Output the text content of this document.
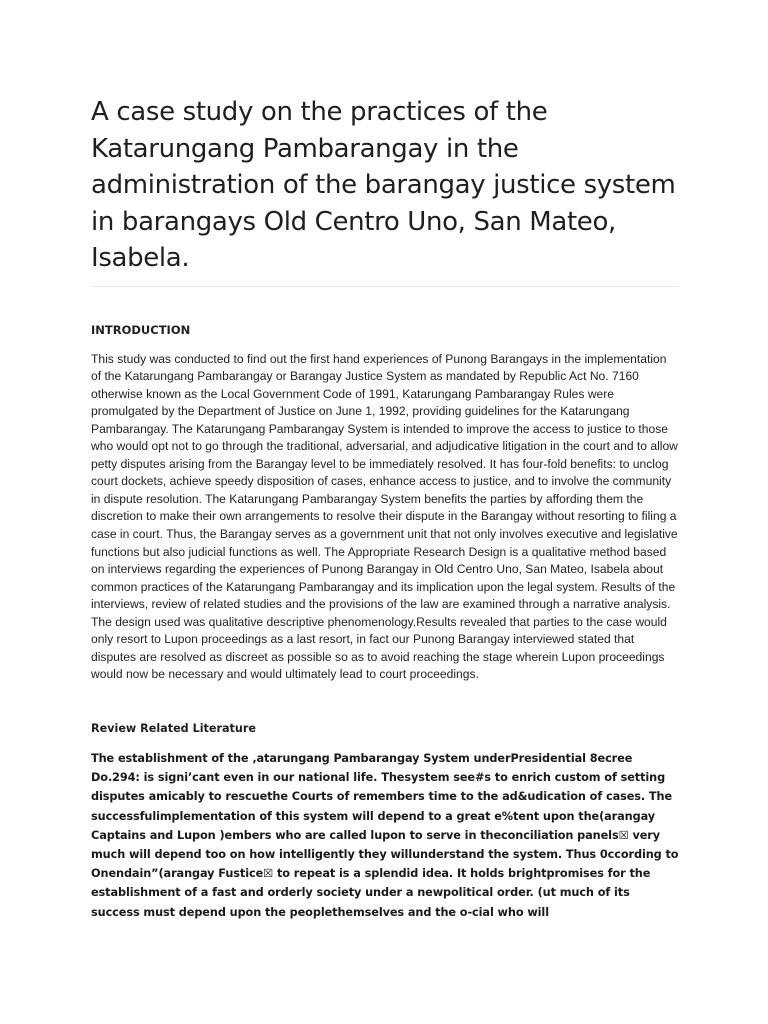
A case study on the practices of the Katarungang Pambarangay in the administration of the barangay justice system in barangays Old Centro Uno, San Mateo, Isabela.
INTRODUCTION

This study was conducted to find out the first hand experiences of Punong Barangays in the implementation of the Katarungang Pambarangay or Barangay Justice System as mandated by Republic Act No. 7160 otherwise known as the Local Government Code of 1991, Katarungang Pambarangay Rules were promulgated by the Department of Justice on June 1, 1992, providing guidelines for the Katarungang Pambarangay. The Katarungang Pambarangay System is intended to improve the access to justice to those who would opt not to go through the traditional, adversarial, and adjudicative litigation in the court and to allow petty disputes arising from the Barangay level to be immediately resolved. It has four-fold benefits: to unclog court dockets, achieve speedy disposition of cases, enhance access to justice, and to involve the community in dispute resolution. The Katarungang Pambarangay System benefits the parties by affording them the discretion to make their own arrangements to resolve their dispute in the Barangay without resorting to filing a case in court. Thus, the Barangay serves as a government unit that not only involves executive and legislative functions but also judicial functions as well. The Appropriate Research Design is a qualitative method based on interviews regarding the experiences of Punong Barangay in Old Centro Uno, San Mateo, Isabela about common practices of the Katarungang Pambarangay and its implication upon the legal system. Results of the interviews, review of related studies and the provisions of the law are examined through a narrative analysis. The design used was qualitative descriptive phenomenology.Results revealed that parties to the case would only resort to Lupon proceedings as a last resort, in fact our Punong Barangay interviewed stated that disputes are resolved as discreet as possible so as to avoid reaching the stage wherein Lupon proceedings would now be necessary and would ultimately lead to court proceedings.

Review Related Literature

The establishment of the ‚atarungang Pambarangay System underPresidential 8ecree Do.294: is signi’cant even in our national life. Thesystem see#s to enrich custom of setting disputes amicably to rescuethe Courts of remembers time to the ad&udication of cases. The successfulimplementation of this system will depend to a great e%tent upon the(arangay Captains and Lupon )embers who are called lupon to serve in theconciliation panels☒ very much will depend too on how intelligently they willunderstand the system. Thus 0ccording to Onendain”(arangay Fustice☒ to repeat is a splendid idea. It holds brightpromises for the establishment of a fast and orderly society under a newpolitical order. (ut much of its success must depend upon the peoplethemselves and the o-cial who will
